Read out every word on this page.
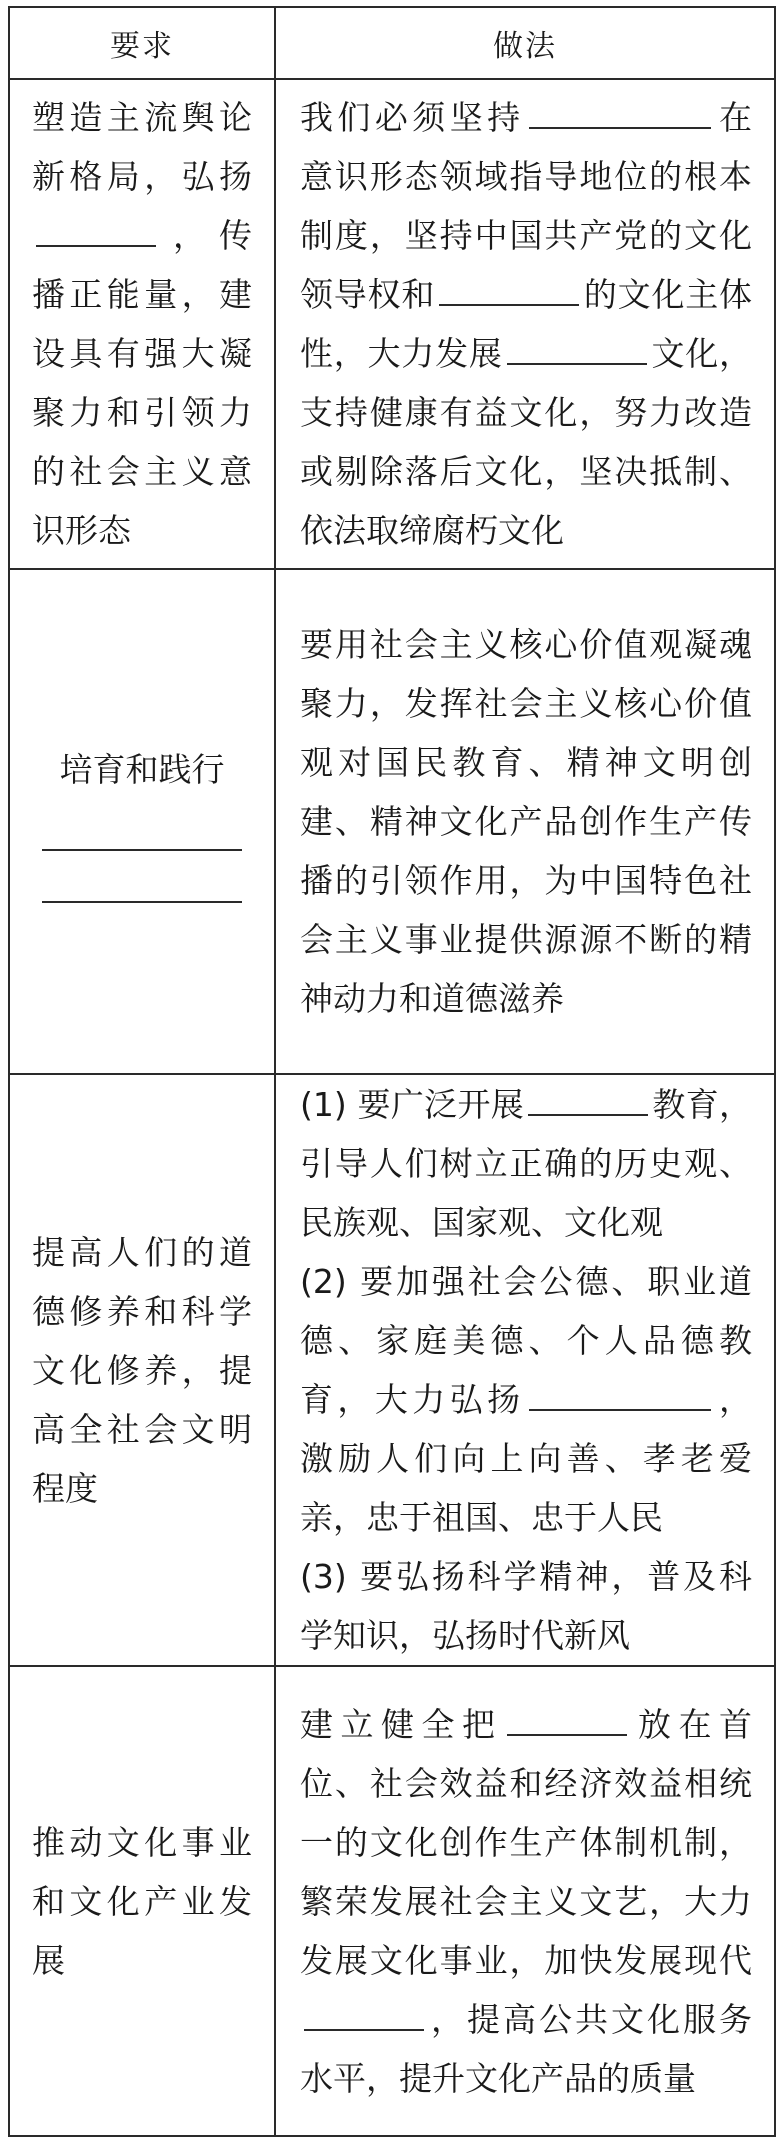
要求	做法
塑造主流舆论新格局，弘扬，传播正能量，建设具有强大凝聚力和引领力的社会主义意识形态	我们必须坚持 在意识形态领域指导地位的根本制度，坚持中国共产党的文化领导权和 的文化主体性，大力发展 文化，支持健康有益文化，努力改造或剔除落后文化，坚决抵制、依法取缔腐朽文化

培育和践行	要用社会主义核心价值观凝魂聚力，发挥社会主义核心价值观对国民教育、精神文明创建、精神文化产品创作生产传播的引领作用，为中国特色社会主义事业提供源源不断的精神动力和道德滋养
提高人们的道德修养和科学文化修养，提高全社会文明程度	(1) 要广泛开展 教育，引导人们树立正确的历史观、民族观、国家观、文化观
(2) 要加强社会公德、职业道德、家庭美德、个人品德教育，大力弘扬 ，激励人们向上向善、孝老爱亲，忠于祖国、忠于人民
(3) 要弘扬科学精神，普及科学知识，弘扬时代新风

推动文化事业和文化产业发展	建立健全把 放在首位、社会效益和经济效益相统一的文化创作生产体制机制，繁荣发展社会主义文艺，大力发展文化事业，加快发展现代，提高公共文化服务水平，提升文化产品的质量
